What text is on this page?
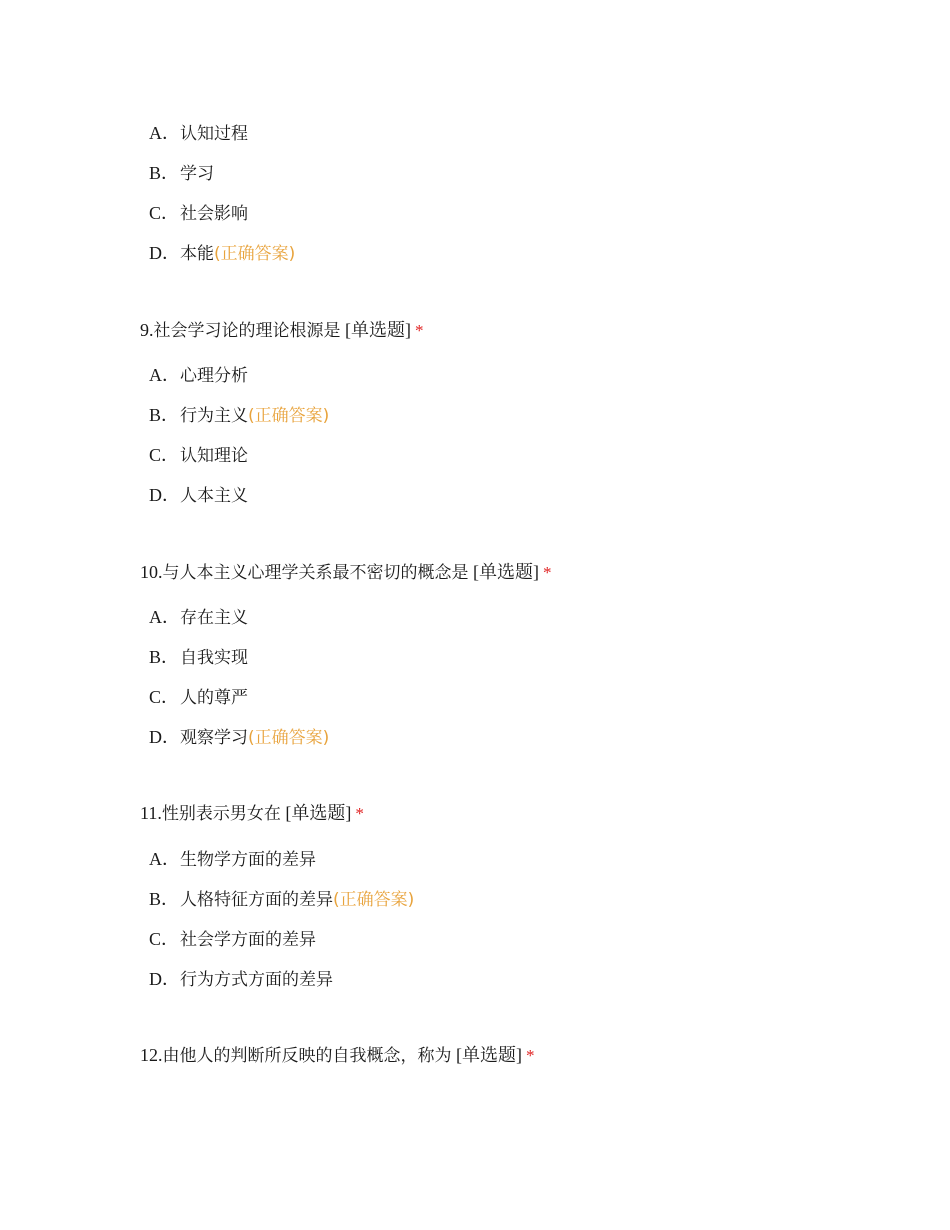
A．认知过程
B．学习
C．社会影响
D．本能(正确答案)
9.社会学习论的理论根源是 [单选题] *
A．心理分析
B．行为主义(正确答案)
C．认知理论
D．人本主义
10.与人本主义心理学关系最不密切的概念是 [单选题] *
A．存在主义
B．自我实现
C．人的尊严
D．观察学习(正确答案)
11.性别表示男女在 [单选题] *
A．生物学方面的差异
B．人格特征方面的差异(正确答案)
C．社会学方面的差异
D．行为方式方面的差异
12.由他人的判断所反映的自我概念，称为 [单选题] *
